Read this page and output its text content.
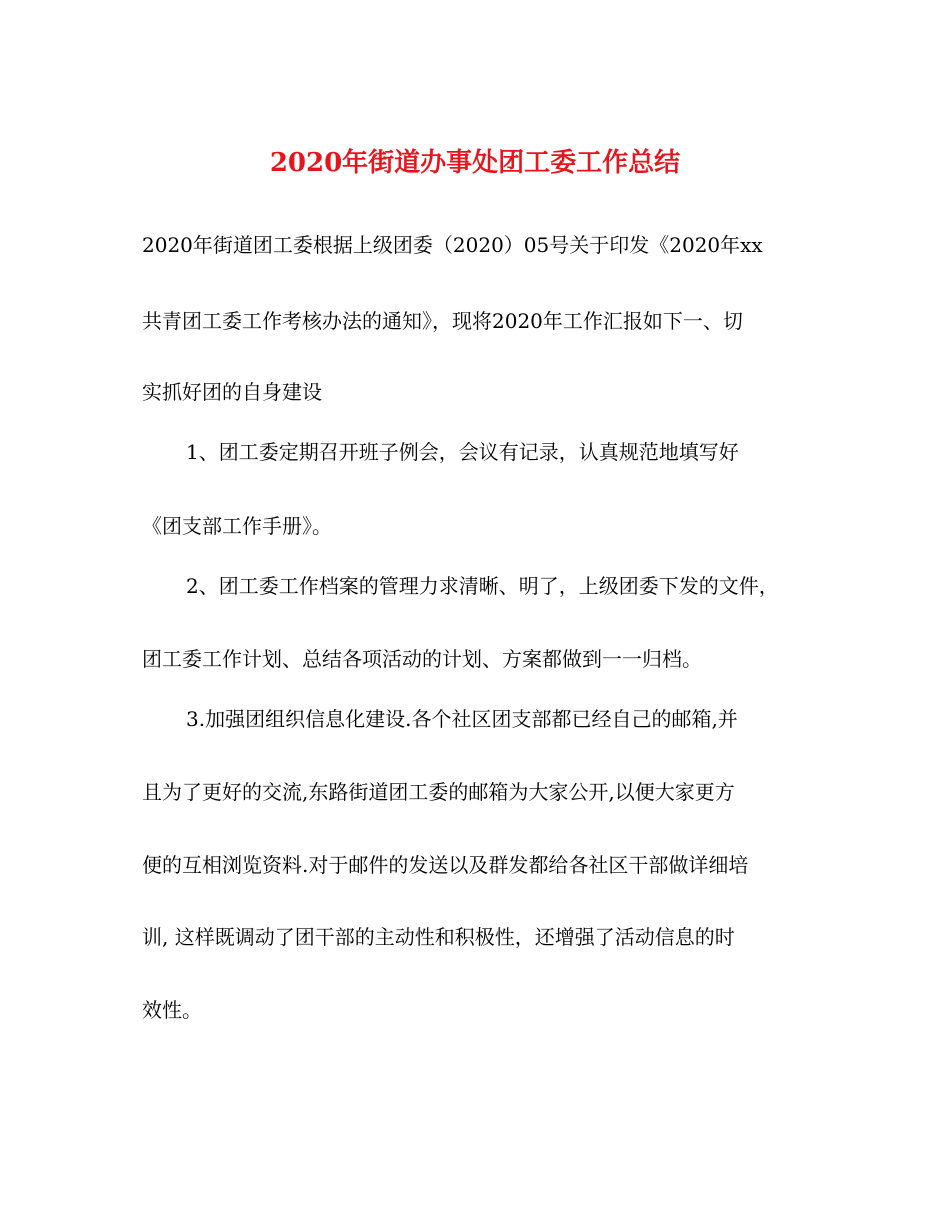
2020年街道办事处团工委工作总结

2020年街道团工委根据上级团委（2020）05号关于印发《2020年xx

共青团工委工作考核办法的通知》，现将2020年工作汇报如下一、切

实抓好团的自身建设

1、团工委定期召开班子例会，会议有记录，认真规范地填写好

《团支部工作手册》。

2、团工委工作档案的管理力求清晰、明了，上级团委下发的文件，

团工委工作计划、总结各项活动的计划、方案都做到一一归档。

3.加强团组织信息化建设.各个社区团支部都已经自己的邮箱,并

且为了更好的交流,东路街道团工委的邮箱为大家公开,以便大家更方

便的互相浏览资料.对于邮件的发送以及群发都给各社区干部做详细培

训, 这样既调动了团干部的主动性和积极性，还增强了活动信息的时

效性。
